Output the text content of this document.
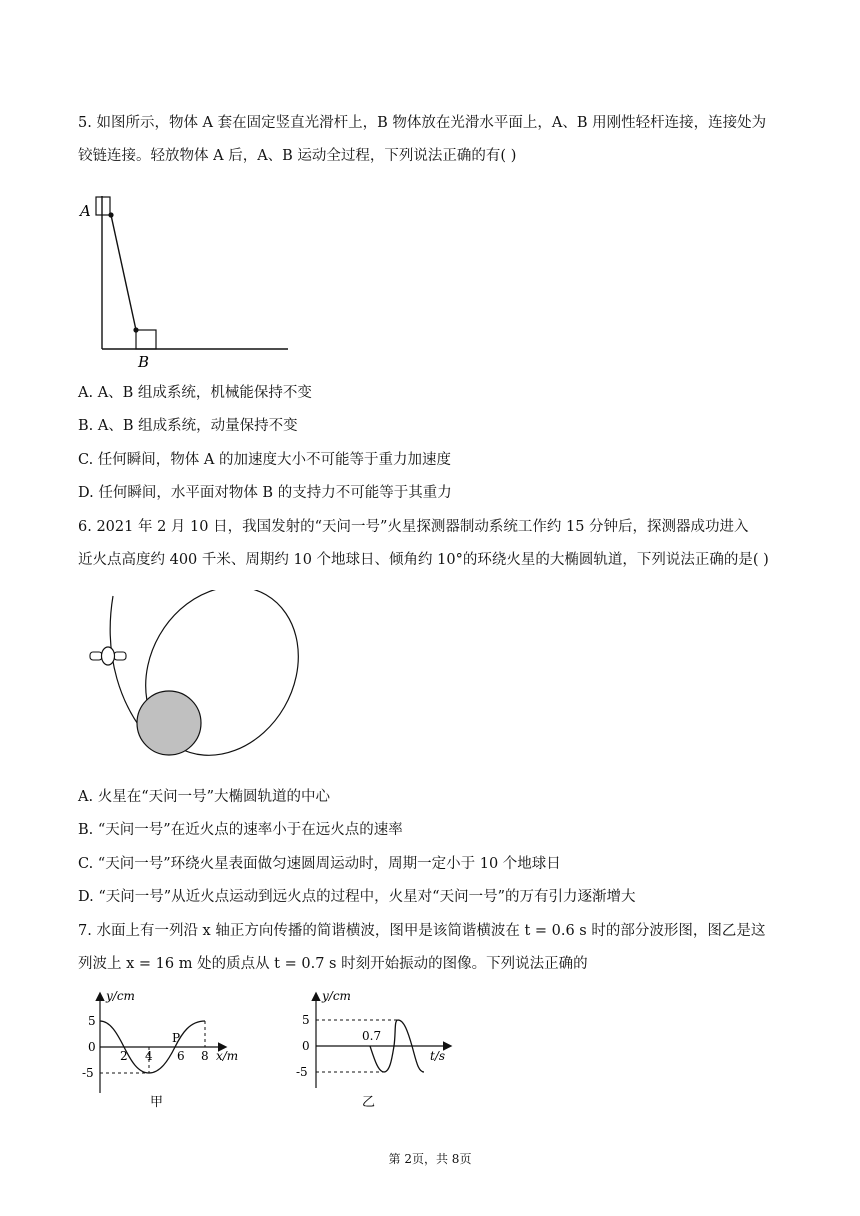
5. 如图所示，物体 A 套在固定竖直光滑杆上，B 物体放在光滑水平面上，A、B 用刚性轻杆连接，连接处为
铰链连接。轻放物体 A 后，A、B 运动全过程，下列说法正确的有( )
A
B
A. A、B 组成系统，机械能保持不变
B. A、B 组成系统，动量保持不变
C. 任何瞬间，物体 A 的加速度大小不可能等于重力加速度
D. 任何瞬间，水平面对物体 B 的支持力不可能等于其重力
6. 2021 年 2 月 10 日，我国发射的“天问一号”火星探测器制动系统工作约 15 分钟后，探测器成功进入
近火点高度约 400 千米、周期约 10 个地球日、倾角约 10°的环绕火星的大椭圆轨道，下列说法正确的是( )
A. 火星在“天问一号”大椭圆轨道的中心
B. “天问一号”在近火点的速率小于在远火点的速率
C. “天问一号”环绕火星表面做匀速圆周运动时，周期一定小于 10 个地球日
D. “天问一号”从近火点运动到远火点的过程中，火星对“天问一号”的万有引力逐渐增大
7. 水面上有一列沿 x 轴正方向传播的简谐横波，图甲是该简谐横波在 t = 0.6 s 时的部分波形图，图乙是这
列波上 x = 16 m 处的质点从 t = 0.7 s 时刻开始振动的图像。下列说法正确的
y/cm
5
0
-5
2 4 6 8
P
x/m
甲
y/cm
5
0
-5
0.7
t/s
乙
第 2页，共 8页
